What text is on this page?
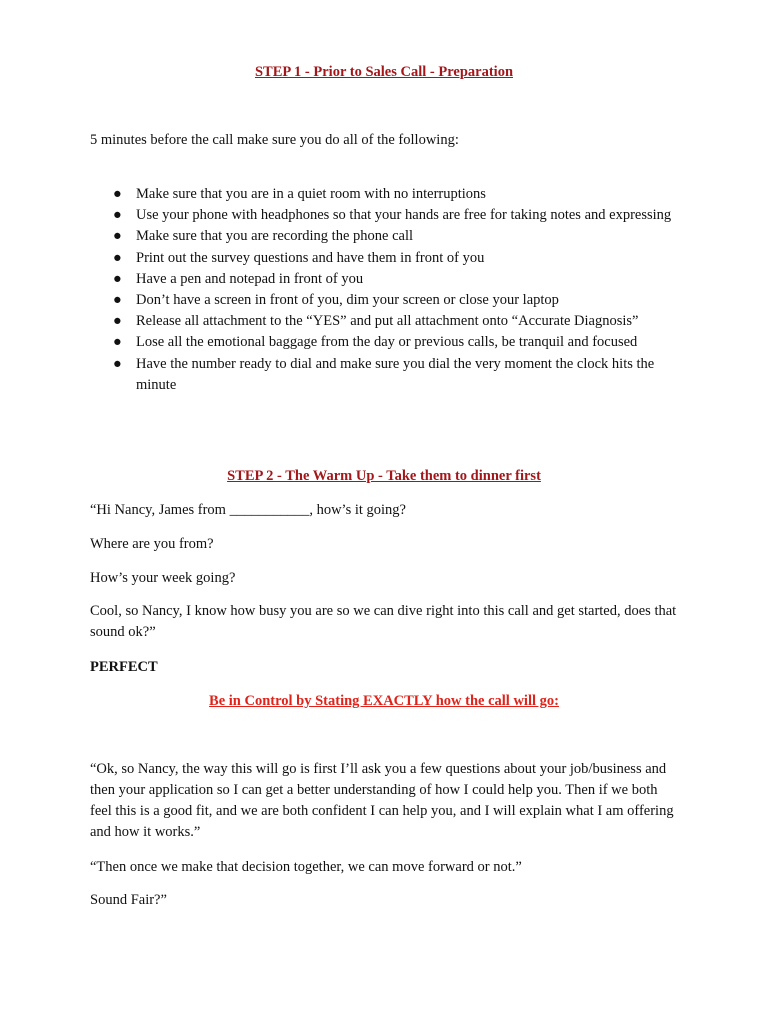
STEP 1 - Prior to Sales Call - Preparation
5 minutes before the call make sure you do all of the following:
● Make sure that you are in a quiet room with no interruptions
● Use your phone with headphones so that your hands are free for taking notes and expressing
● Make sure that you are recording the phone call
● Print out the survey questions and have them in front of you
● Have a pen and notepad in front of you
● Don’t have a screen in front of you, dim your screen or close your laptop
● Release all attachment to the “YES” and put all attachment onto “Accurate Diagnosis”
● Lose all the emotional baggage from the day or previous calls, be tranquil and focused
● Have the number ready to dial and make sure you dial the very moment the clock hits the minute
STEP 2 - The Warm Up - Take them to dinner first
“Hi Nancy, James from ___________, how’s it going?
Where are you from?
How’s your week going?
Cool, so Nancy, I know how busy you are so we can dive right into this call and get started, does that sound ok?”
PERFECT
Be in Control by Stating EXACTLY how the call will go:
“Ok, so Nancy, the way this will go is first I’ll ask you a few questions about your job/business and then your application so I can get a better understanding of how I could help you. Then if we both feel this is a good fit, and we are both confident I can help you, and I will explain what I am offering and how it works.”
“Then once we make that decision together, we can move forward or not.”
Sound Fair?”
